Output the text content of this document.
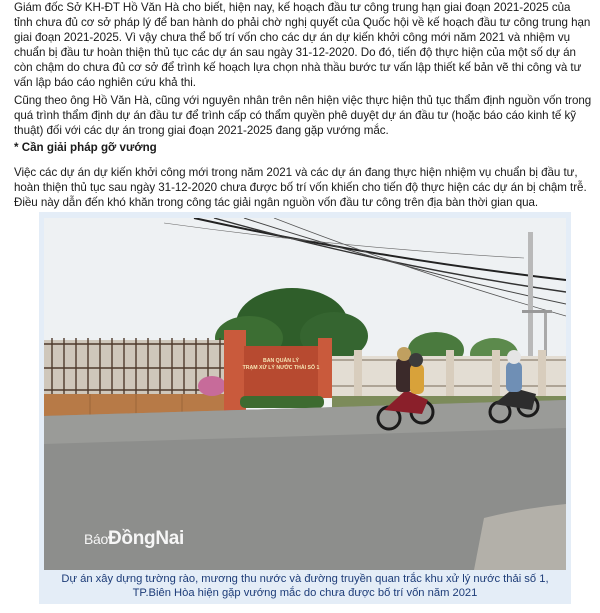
Giám đốc Sở KH-ĐT Hồ Văn Hà cho biết, hiện nay, kế hoạch đầu tư công trung hạn giai đoạn 2021-2025 của tỉnh chưa đủ cơ sở pháp lý để ban hành do phải chờ nghị quyết của Quốc hội về kế hoạch đầu tư công trung hạn giai đoạn 2021-2025. Vì vậy chưa thể bố trí vốn cho các dự án dự kiến khởi công mới năm 2021 và nhiệm vụ chuẩn bị đầu tư hoàn thiện thủ tục các dự án sau ngày 31-12-2020. Do đó, tiến độ thực hiện của một số dự án còn chậm do chưa đủ cơ sở để trình kế hoạch lựa chọn nhà thầu bước tư vấn lập thiết kế bản vẽ thi công và tư vấn lập báo cáo nghiên cứu khả thi.

Cũng theo ông Hồ Văn Hà, cũng với nguyên nhân trên nên hiện việc thực hiện thủ tục thẩm định nguồn vốn trong quá trình thẩm định dự án đầu tư để trình cấp có thẩm quyền phê duyệt dự án đầu tư (hoặc báo cáo kinh tế kỹ thuật) đối với các dự án trong giai đoạn 2021-2025 đang gặp vướng mắc.

* Cần giải pháp gỡ vướng

Việc các dự án dự kiến khởi công mới trong năm 2021 và các dự án đang thực hiện nhiệm vụ chuẩn bị đầu tư, hoàn thiện thủ tục sau ngày 31-12-2020 chưa được bố trí vốn khiến cho tiến độ thực hiện các dự án bị chậm trễ. Điều này dẫn đến khó khăn trong công tác giải ngân nguồn vốn đầu tư công trên địa bàn thời gian qua.

BAN QUẢN LÝ
TRẠM XỬ LÝ NƯỚC THẢI SỐ 1
BáoĐồngNai
Dự án xây dựng tường rào, mương thu nước và đường truyền quan trắc khu xử lý nước thải số 1,
TP.Biên Hòa hiện gặp vướng mắc do chưa được bố trí vốn năm 2021
